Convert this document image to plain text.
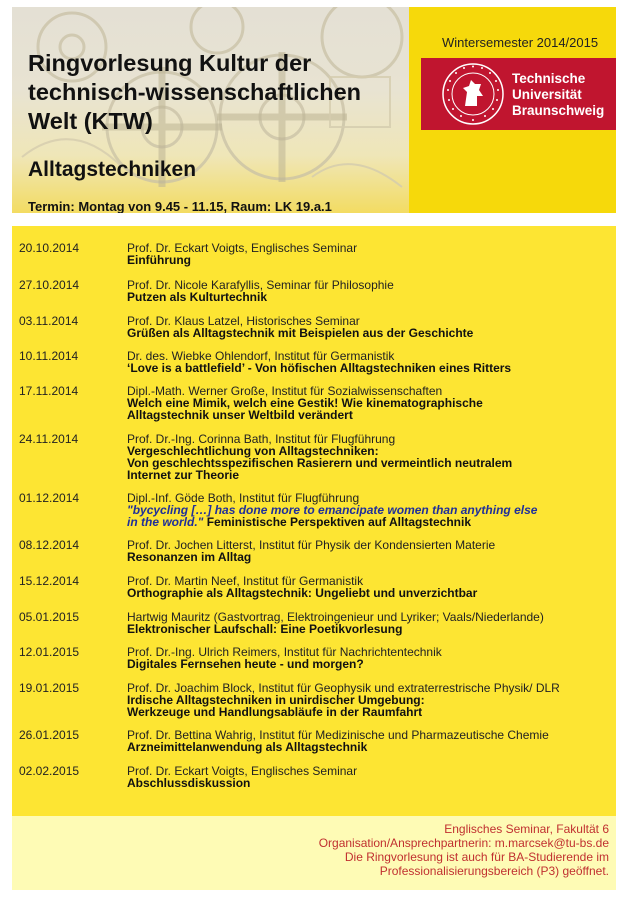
Ringvorlesung Kultur der
technisch-wissenschaftlichen
Welt (KTW)
Alltagstechniken
Termin: Montag von 9.45 - 11.15, Raum: LK 19.a.1
Wintersemester 2014/2015
Technische
Universität
Braunschweig
20.10.2014	Prof. Dr. Eckart Voigts, Englisches Seminar
Einführung
27.10.2014	Prof. Dr. Nicole Karafyllis, Seminar für Philosophie
Putzen als Kulturtechnik
03.11.2014	Prof. Dr. Klaus Latzel, Historisches Seminar
Grüßen als Alltagstechnik mit Beispielen aus der Geschichte
10.11.2014	Dr. des. Wiebke Ohlendorf, Institut für Germanistik
‘Love is a battlefield’ - Von höfischen Alltagstechniken eines Ritters
17.11.2014	Dipl.-Math. Werner Große, Institut für Sozialwissenschaften
Welch eine Mimik, welch eine Gestik! Wie kinematographische
Alltagstechnik unser Weltbild verändert
24.11.2014	Prof. Dr.-Ing. Corinna Bath, Institut für Flugführung
Vergeschlechtlichung von Alltagstechniken:
Von geschlechtsspezifischen Rasierern und vermeintlich neutralem
Internet zur Theorie
01.12.2014	Dipl.-Inf. Göde Both, Institut für Flugführung
"bycycling […] has done more to emancipate women than anything else
in the world." Feministische Perspektiven auf Alltagstechnik
08.12.2014	Prof. Dr. Jochen Litterst, Institut für Physik der Kondensierten Materie
Resonanzen im Alltag
15.12.2014	Prof. Dr. Martin Neef, Institut für Germanistik
Orthographie als Alltagstechnik: Ungeliebt und unverzichtbar
05.01.2015	Hartwig Mauritz (Gastvortrag, Elektroingenieur und Lyriker; Vaals/Niederlande)
Elektronischer Laufschall: Eine Poetikvorlesung
12.01.2015	Prof. Dr.-Ing. Ulrich Reimers, Institut für Nachrichtentechnik
Digitales Fernsehen heute - und morgen?
19.01.2015	Prof. Dr. Joachim Block, Institut für Geophysik und extraterrestrische Physik/ DLR
Irdische Alltagstechniken in unirdischer Umgebung:
Werkzeuge und Handlungsabläufe in der Raumfahrt
26.01.2015	Prof. Dr. Bettina Wahrig, Institut für Medizinische und Pharmazeutische Chemie
Arzneimittelanwendung als Alltagstechnik
02.02.2015	Prof. Dr. Eckart Voigts, Englisches Seminar
Abschlussdiskussion
Englisches Seminar, Fakultät 6
Organisation/Ansprechpartnerin: m.marcsek@tu-bs.de
Die Ringvorlesung ist auch für BA-Studierende im
Professionalisierungsbereich (P3) geöffnet.
